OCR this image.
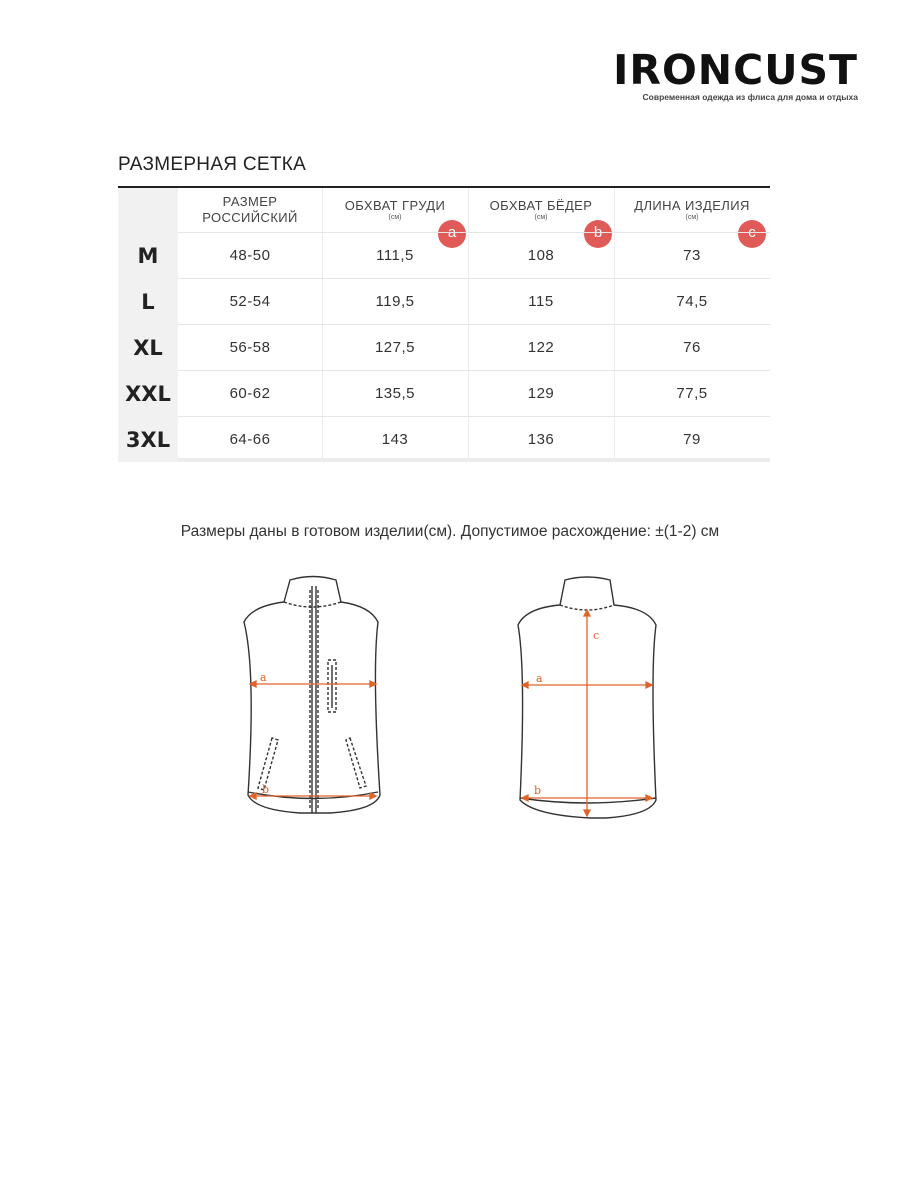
IRONCUST
Современная одежда из флиса для дома и отдыха
РАЗМЕРНАЯ СЕТКА
РАЗМЕР
РОССИЙСКИЙ
ОБХВАТ ГРУДИ
(см)
ОБХВАТ БЁДЕР
(см)
ДЛИНА ИЗДЕЛИЯ
(см)
M	48-50	111,5	108	73
L	52-54	119,5	115	74,5
XL	56-58	127,5	122	76
XXL	60-62	135,5	129	77,5
3XL	64-66	143	136	79
Размеры даны в готовом изделии(см). Допустимое расхождение: ±(1-2) см
a
b
a
b
c
